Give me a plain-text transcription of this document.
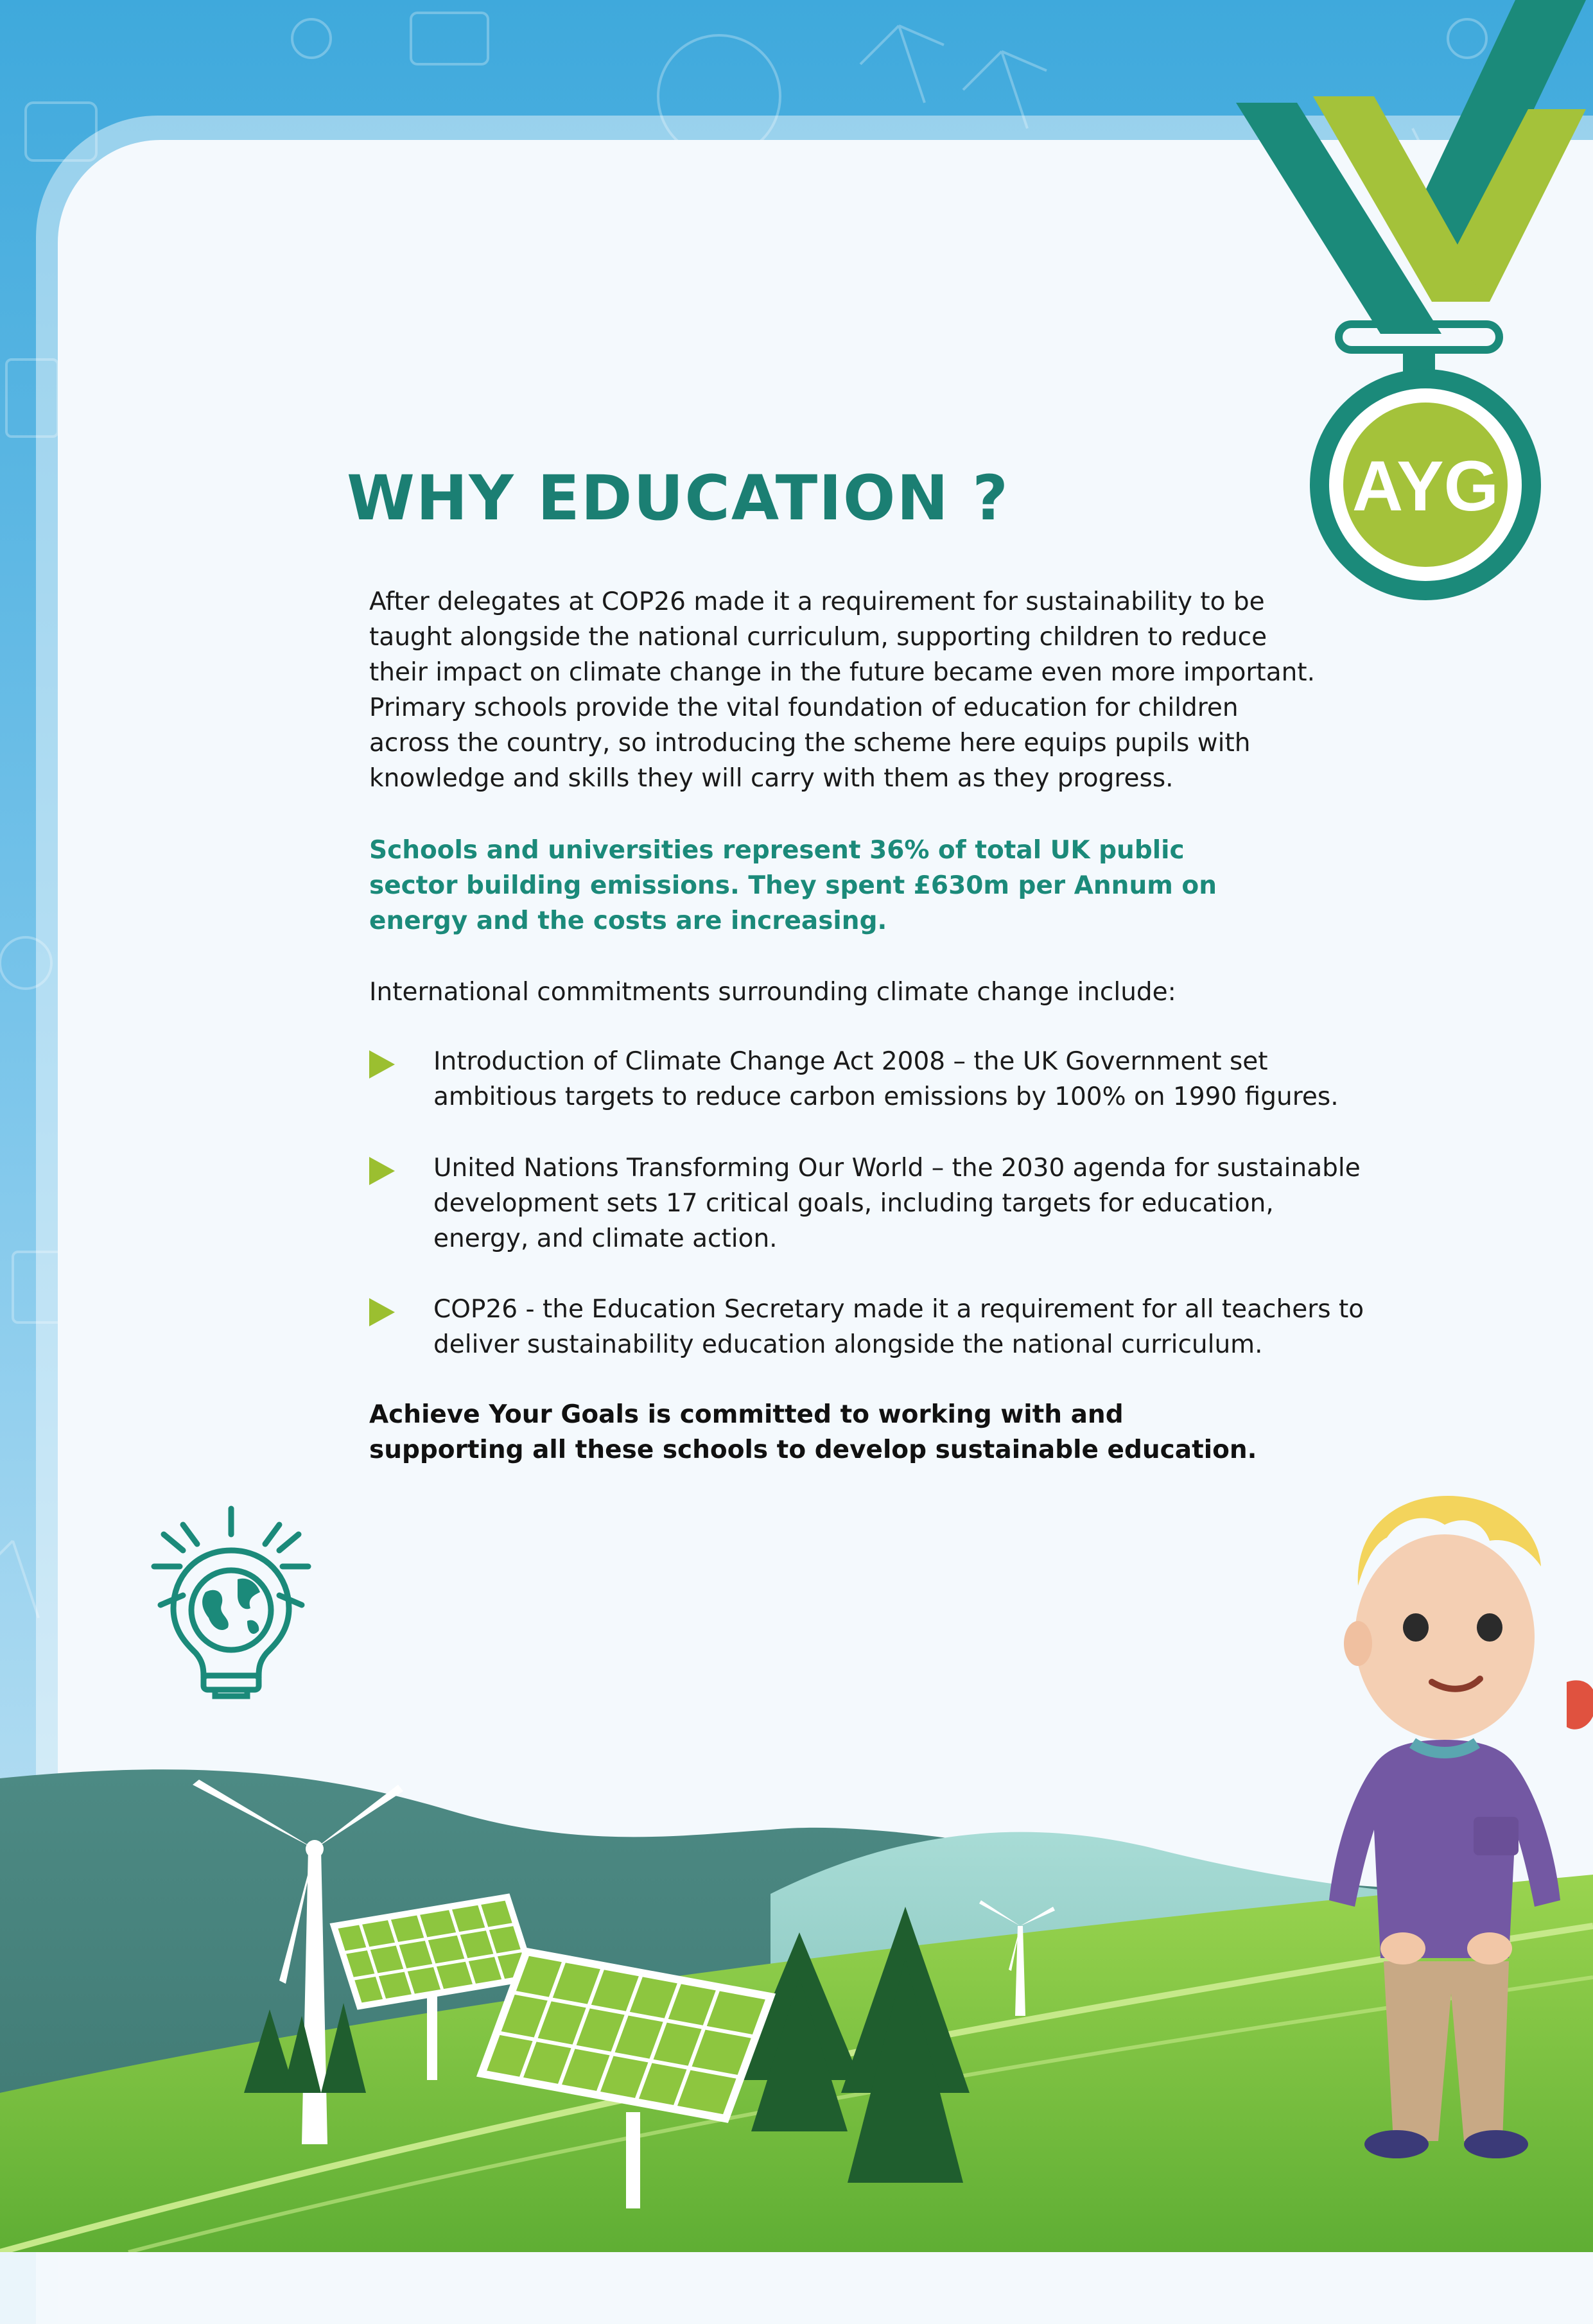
AYG
WHY EDUCATION ?

After delegates at COP26 made it a requirement for sustainability to be taught alongside the national curriculum, supporting children to reduce their impact on climate change in the future became even more important. Primary schools provide the vital foundation of education for children across the country, so introducing the scheme here equips pupils with knowledge and skills they will carry with them as they progress.

Schools and universities represent 36% of total UK public sector building emissions. They spent £630m per Annum on energy and the costs are increasing.

International commitments surrounding climate change include:

Introduction of Climate Change Act 2008 – the UK Government set ambitious targets to reduce carbon emissions by 100% on 1990 figures.

United Nations Transforming Our World – the 2030 agenda for sustainable development sets 17 critical goals, including targets for education, energy, and climate action.

COP26 - the Education Secretary made it a requirement for all teachers to deliver sustainability education alongside the national curriculum.

Achieve Your Goals is committed to working with and supporting all these schools to develop sustainable education.
